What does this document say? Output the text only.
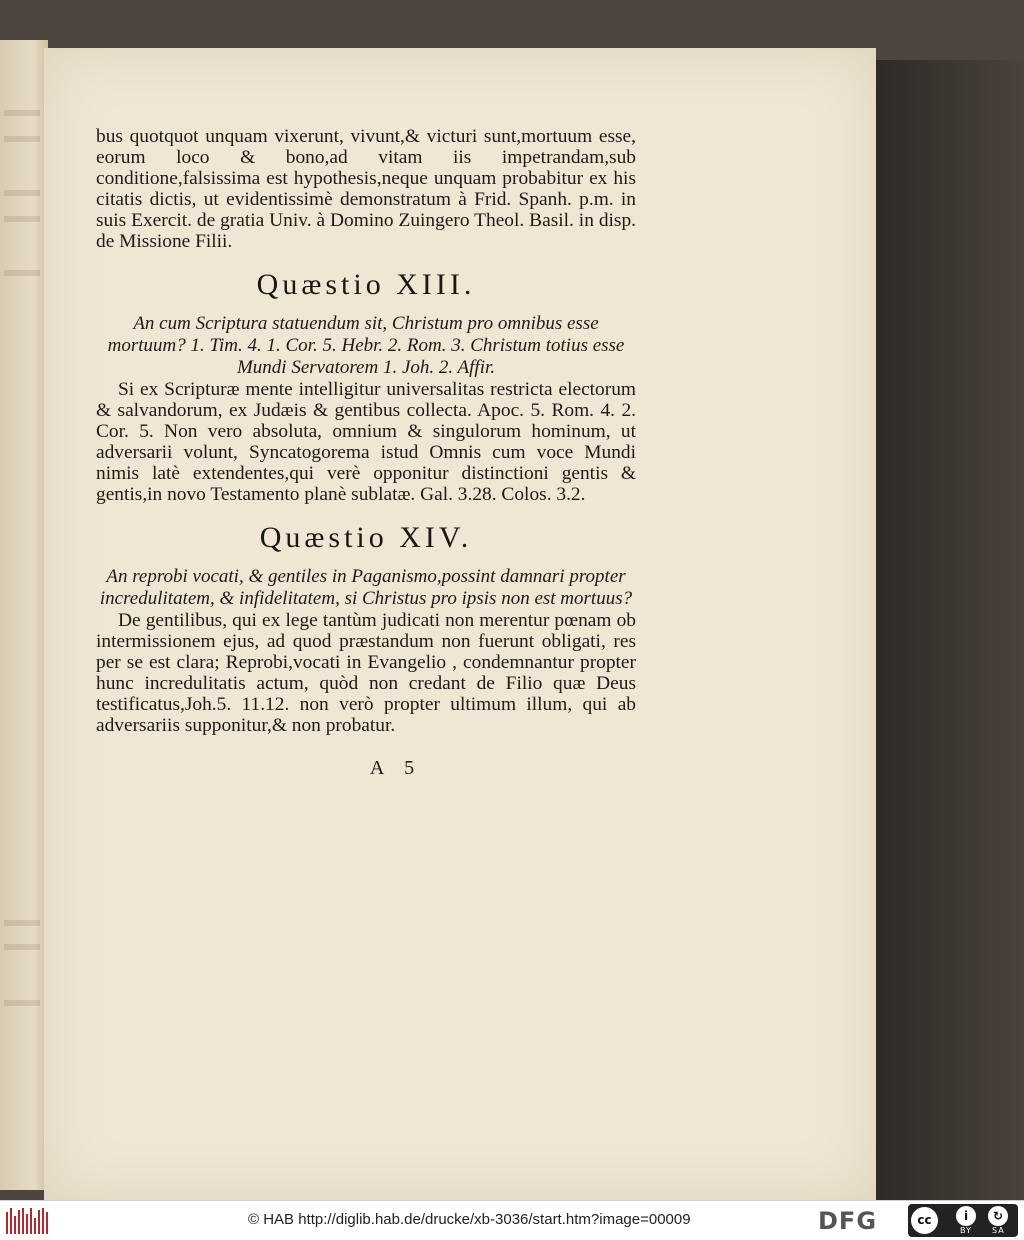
bus quotquot unquam vixerunt, vivunt,& victuri sunt,mortuum esse, eorum loco & bono,ad vitam iis impetrandam,sub conditione,falsissima est hypothesis,neque unquam probabitur ex his citatis dictis, ut evidentissimè demonstratum à Frid. Spanh. p.m. in suis Exercit. de gratia Univ. à Domino Zuingero Theol. Basil. in disp. de Missione Filii.

Quæstio XIII.

An cum Scriptura statuendum sit, Christum pro omnibus esse mortuum? 1. Tim. 4. 1. Cor. 5. Hebr. 2. Rom. 3. Christum totius esse Mundi Servatorem 1. Joh. 2. Affir.

Si ex Scripturæ mente intelligitur universalitas restricta electorum & salvandorum, ex Judæis & gentibus collecta. Apoc. 5. Rom. 4. 2. Cor. 5. Non vero absoluta, omnium & singulorum hominum, ut adversarii volunt, Syncatogorema istud Omnis cum voce Mundi nimis latè extendentes,qui verè opponitur distinctioni gentis & gentis,in novo Testamento planè sublatæ. Gal. 3.28. Colos. 3.2.

Quæstio XIV.

An reprobi vocati, & gentiles in Paganismo,possint damnari propter incredulitatem, & infidelitatem, si Christus pro ipsis non est mortuus?

De gentilibus, qui ex lege tantùm judicati non merentur pœnam ob intermissionem ejus, ad quod præstandum non fuerunt obligati, res per se est clara; Reprobi,vocati in Evangelio , condemnantur propter hunc incredulitatis actum, quòd non credant de Filio quæ Deus testificatus,Joh.5. 11.12. non verò propter ultimum illum, qui ab adversariis supponitur,& non probatur.

A 5
© HAB http://diglib.hab.de/drucke/xb-3036/start.htm?image=00009	DFG	cc	i	↻
BY	SA
